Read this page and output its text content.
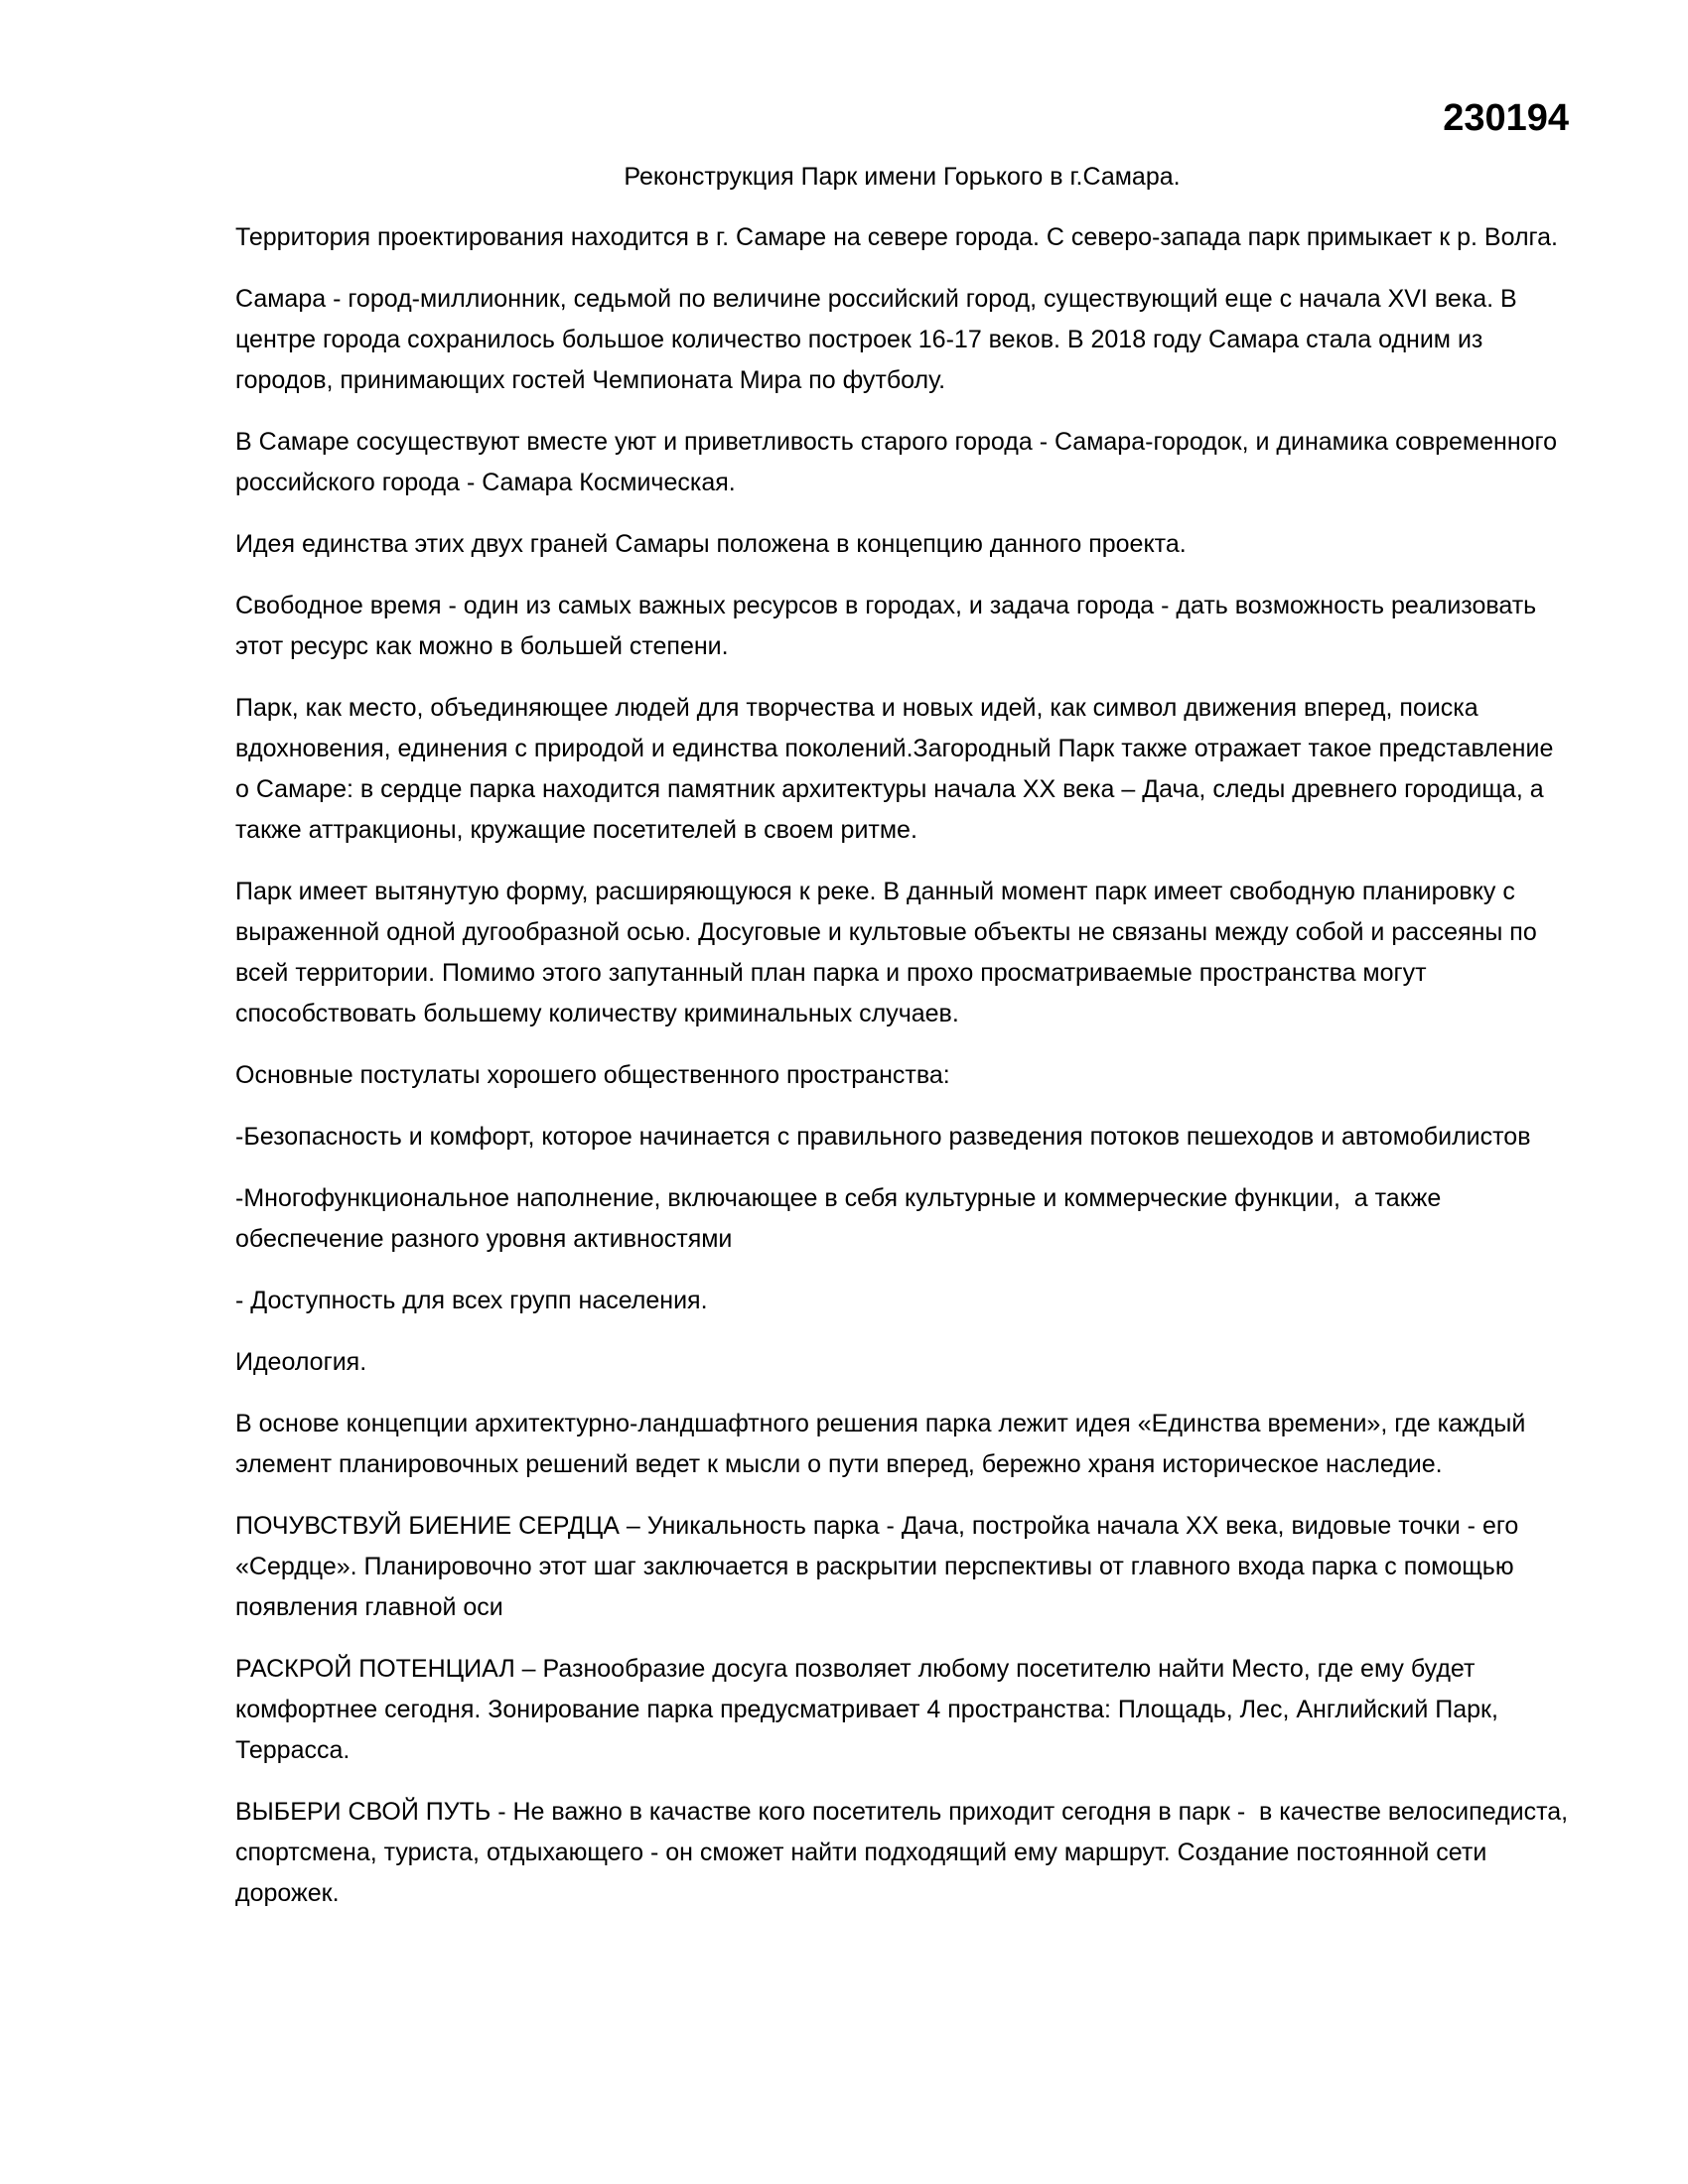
230194
Реконструкция Парк имени Горького в г.Самара.

Территория проектирования находится в г. Самаре на севере города. С северо-запада парк примыкает к р. Волга.

Самара - город-миллионник, седьмой по величине российский город, существующий еще с начала XVI века. В центре города сохранилось большое количество построек 16-17 веков. В 2018 году Самара стала одним из городов, принимающих гостей Чемпионата Мира по футболу.

В Самаре сосуществуют вместе уют и приветливость старого города - Самара-городок, и динамика современного российского города - Самара Космическая.

Идея единства этих двух граней Самары положена в концепцию данного проекта.

Свободное время - один из самых важных ресурсов в городах, и задача города - дать возможность реализовать этот ресурс как можно в большей степени.

Парк, как место, объединяющее людей для творчества и новых идей, как символ движения вперед, поиска вдохновения, единения с природой и единства поколений.Загородный Парк также отражает такое представление о Самаре: в сердце парка находится памятник архитектуры начала XX века – Дача, следы древнего городища, а также аттракционы, кружащие посетителей в своем ритме.

Парк имеет вытянутую форму, расширяющуюся к реке. В данный момент парк имеет свободную планировку с выраженной одной дугообразной осью. Досуговые и культовые объекты не связаны между собой и рассеяны по всей территории. Помимо этого запутанный план парка и прохо просматриваемые пространства могут способствовать большему количеству криминальных случаев.

Основные постулаты хорошего общественного пространства:

-Безопасность и комфорт, которое начинается с правильного разведения потоков пешеходов и автомобилистов

-Многофункциональное наполнение, включающее в себя культурные и коммерческие функции,  а также обеспечение разного уровня активностями

- Доступность для всех групп населения.

Идеология.

В основе концепции архитектурно-ландшафтного решения парка лежит идея «Единства времени», где каждый элемент планировочных решений ведет к мысли о пути вперед, бережно храня историческое наследие.

ПОЧУВСТВУЙ БИЕНИЕ СЕРДЦА – Уникальность парка - Дача, постройка начала XX века, видовые точки - его «Сердце». Планировочно этот шаг заключается в раскрытии перспективы от главного входа парка с помощью появления главной оси

РАСКРОЙ ПОТЕНЦИАЛ – Разнообразие досуга позволяет любому посетителю найти Место, где ему будет комфортнее сегодня. Зонирование парка предусматривает 4 пространства: Площадь, Лес, Английский Парк, Террасса.

ВЫБЕРИ СВОЙ ПУТЬ - Не важно в качастве кого посетитель приходит сегодня в парк -  в качестве велосипедиста, спортсмена, туриста, отдыхающего - он сможет найти подходящий ему маршрут. Создание постоянной сети дорожек.
